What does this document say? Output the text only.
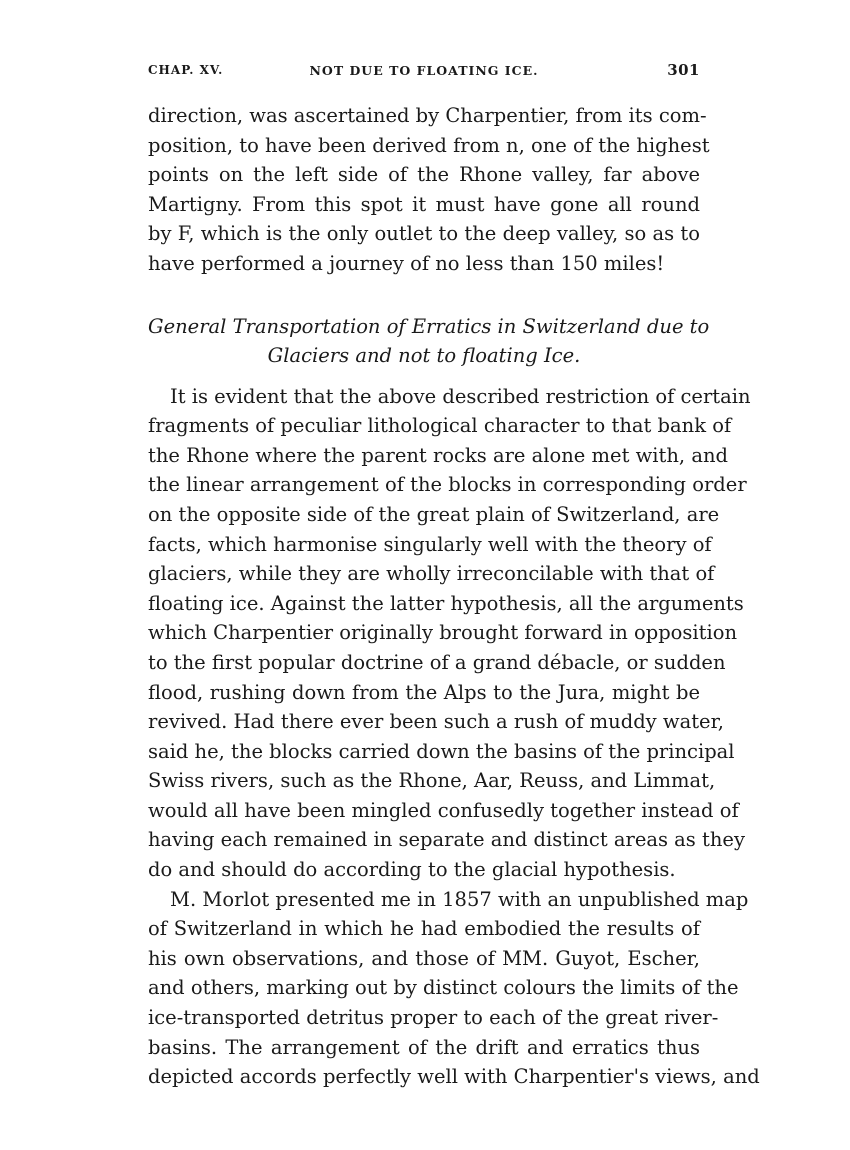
CHAP. XV.	NOT DUE TO FLOATING ICE.	301

direction, was ascertained by Charpentier, from its com-
position, to have been derived from n, one of the highest
points on the left side of the Rhone valley, far above
Martigny. From this spot it must have gone all round
by F, which is the only outlet to the deep valley, so as to
have performed a journey of no less than 150 miles!

General Transportation of Erratics in Switzerland due to
Glaciers and not to floating Ice.

It is evident that the above described restriction of certain
fragments of peculiar lithological character to that bank of
the Rhone where the parent rocks are alone met with, and
the linear arrangement of the blocks in corresponding order
on the opposite side of the great plain of Switzerland, are
facts, which harmonise singularly well with the theory of
glaciers, while they are wholly irreconcilable with that of
floating ice. Against the latter hypothesis, all the arguments
which Charpentier originally brought forward in opposition
to the first popular doctrine of a grand débacle, or sudden
flood, rushing down from the Alps to the Jura, might be
revived. Had there ever been such a rush of muddy water,
said he, the blocks carried down the basins of the principal
Swiss rivers, such as the Rhone, Aar, Reuss, and Limmat,
would all have been mingled confusedly together instead of
having each remained in separate and distinct areas as they
do and should do according to the glacial hypothesis.

M. Morlot presented me in 1857 with an unpublished map
of Switzerland in which he had embodied the results of
his own observations, and those of MM. Guyot, Escher,
and others, marking out by distinct colours the limits of the
ice-transported detritus proper to each of the great river-
basins. The arrangement of the drift and erratics thus
depicted accords perfectly well with Charpentier's views, and
